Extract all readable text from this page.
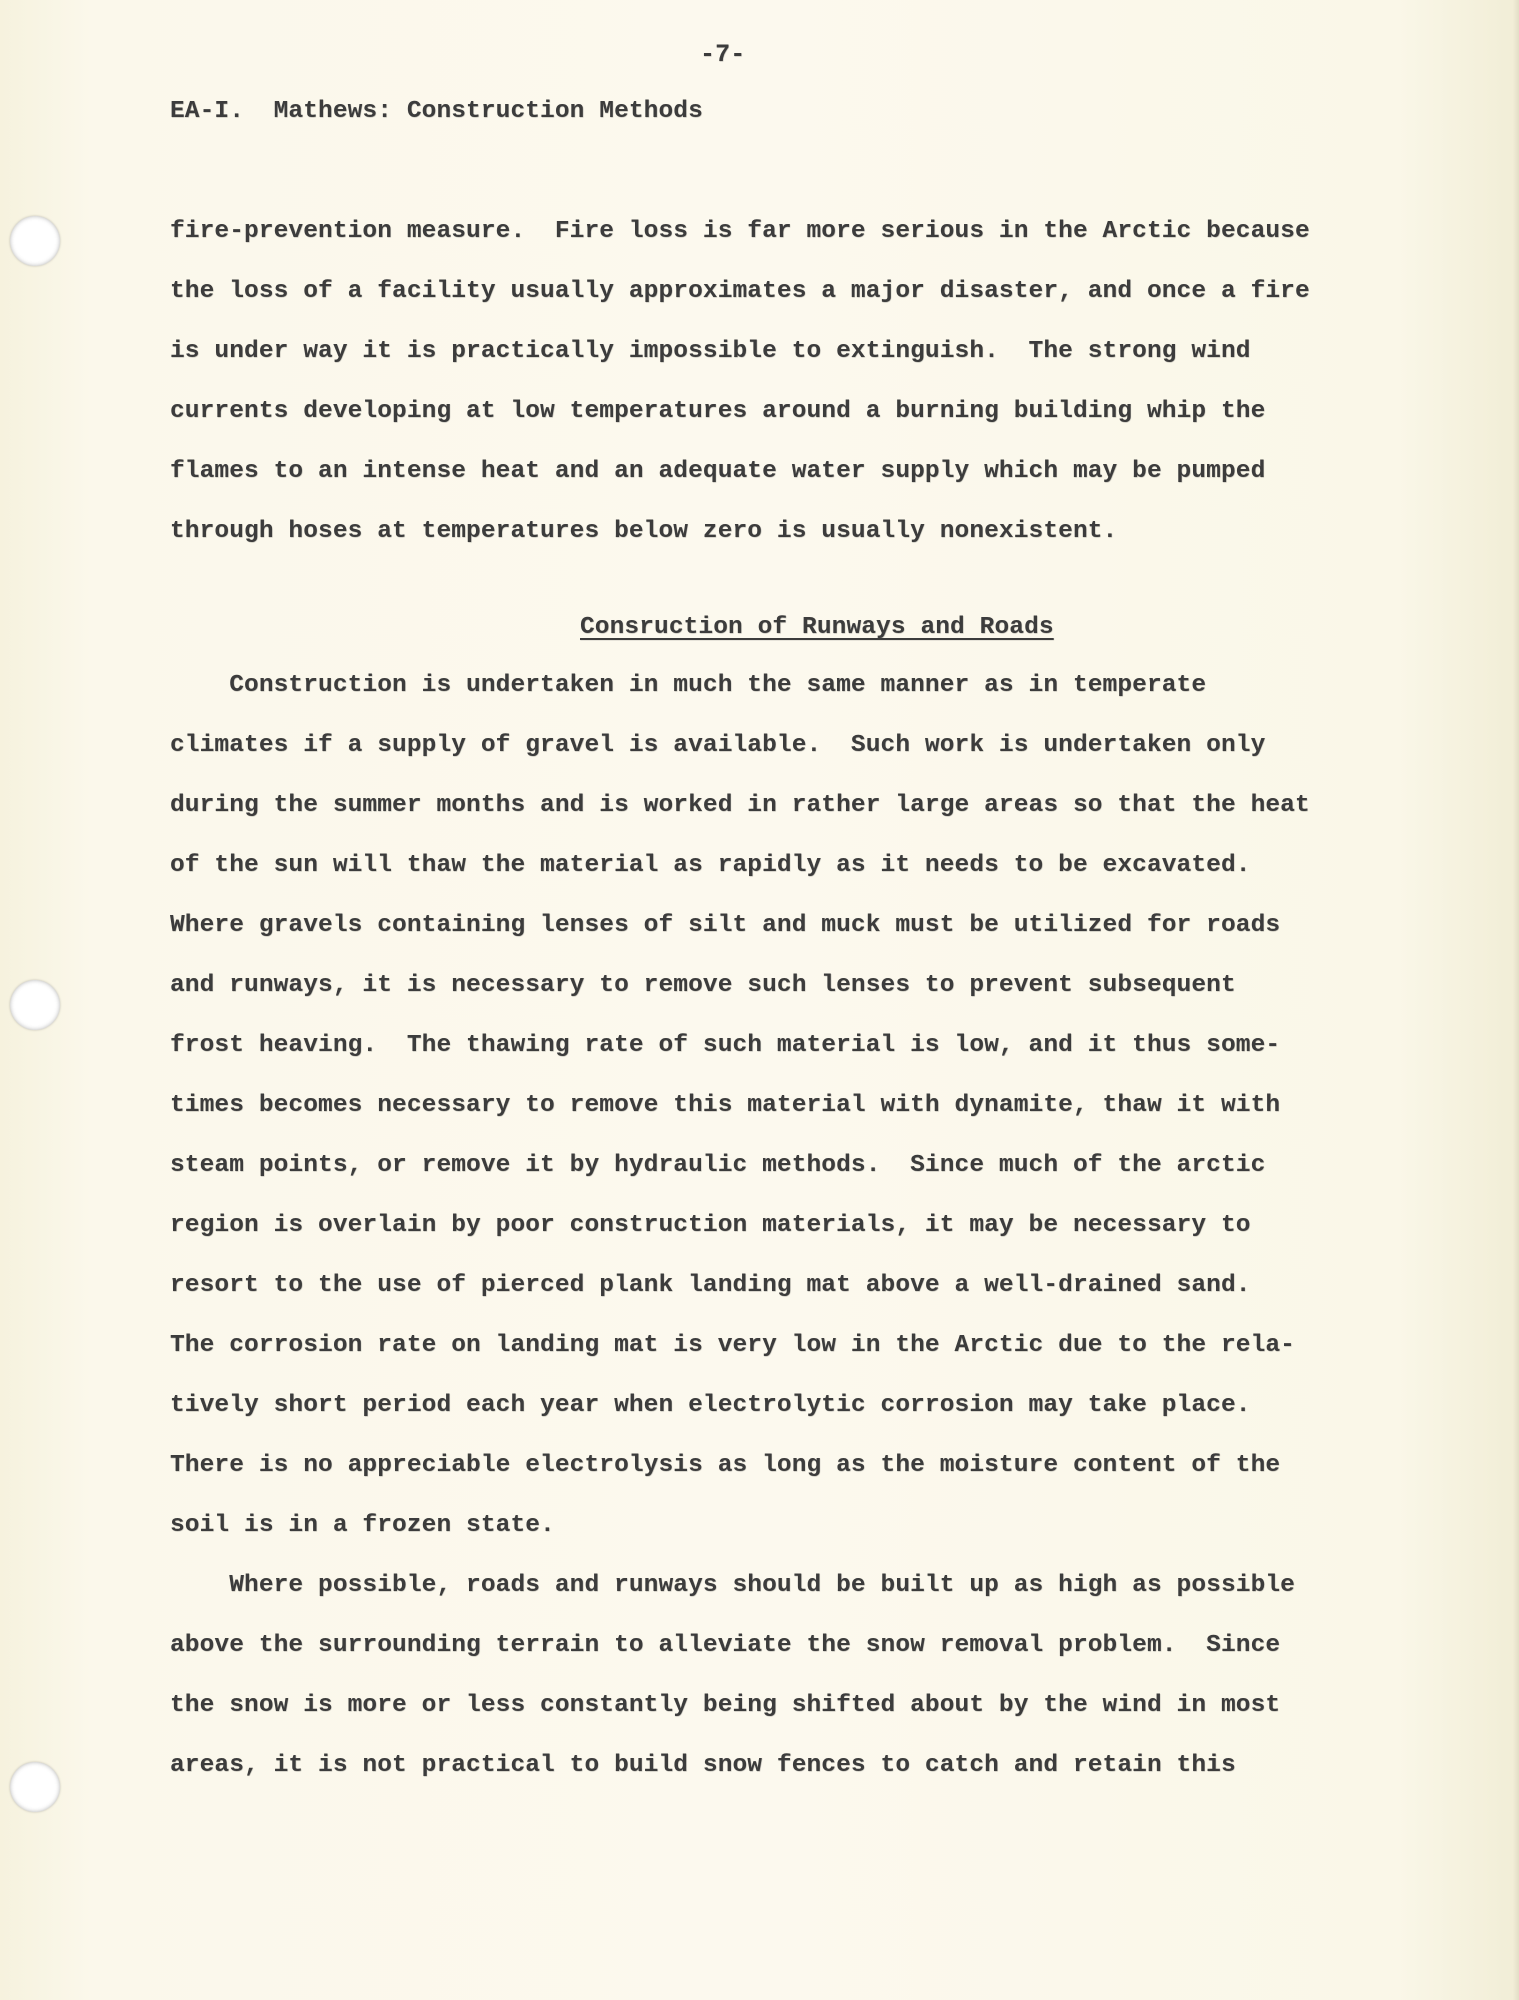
-7-
EA-I.  Mathews: Construction Methods
fire-prevention measure.  Fire loss is far more serious in the Arctic because
the loss of a facility usually approximates a major disaster, and once a fire
is under way it is practically impossible to extinguish.  The strong wind
currents developing at low temperatures around a burning building whip the
flames to an intense heat and an adequate water supply which may be pumped
through hoses at temperatures below zero is usually nonexistent.
Consruction of Runways and Roads
Construction is undertaken in much the same manner as in temperate
climates if a supply of gravel is available.  Such work is undertaken only
during the summer months and is worked in rather large areas so that the heat
of the sun will thaw the material as rapidly as it needs to be excavated.
Where gravels containing lenses of silt and muck must be utilized for roads
and runways, it is necessary to remove such lenses to prevent subsequent
frost heaving.  The thawing rate of such material is low, and it thus some-
times becomes necessary to remove this material with dynamite, thaw it with
steam points, or remove it by hydraulic methods.  Since much of the arctic
region is overlain by poor construction materials, it may be necessary to
resort to the use of pierced plank landing mat above a well-drained sand.
The corrosion rate on landing mat is very low in the Arctic due to the rela-
tively short period each year when electrolytic corrosion may take place.
There is no appreciable electrolysis as long as the moisture content of the
soil is in a frozen state.
Where possible, roads and runways should be built up as high as possible
above the surrounding terrain to alleviate the snow removal problem.  Since
the snow is more or less constantly being shifted about by the wind in most
areas, it is not practical to build snow fences to catch and retain this
